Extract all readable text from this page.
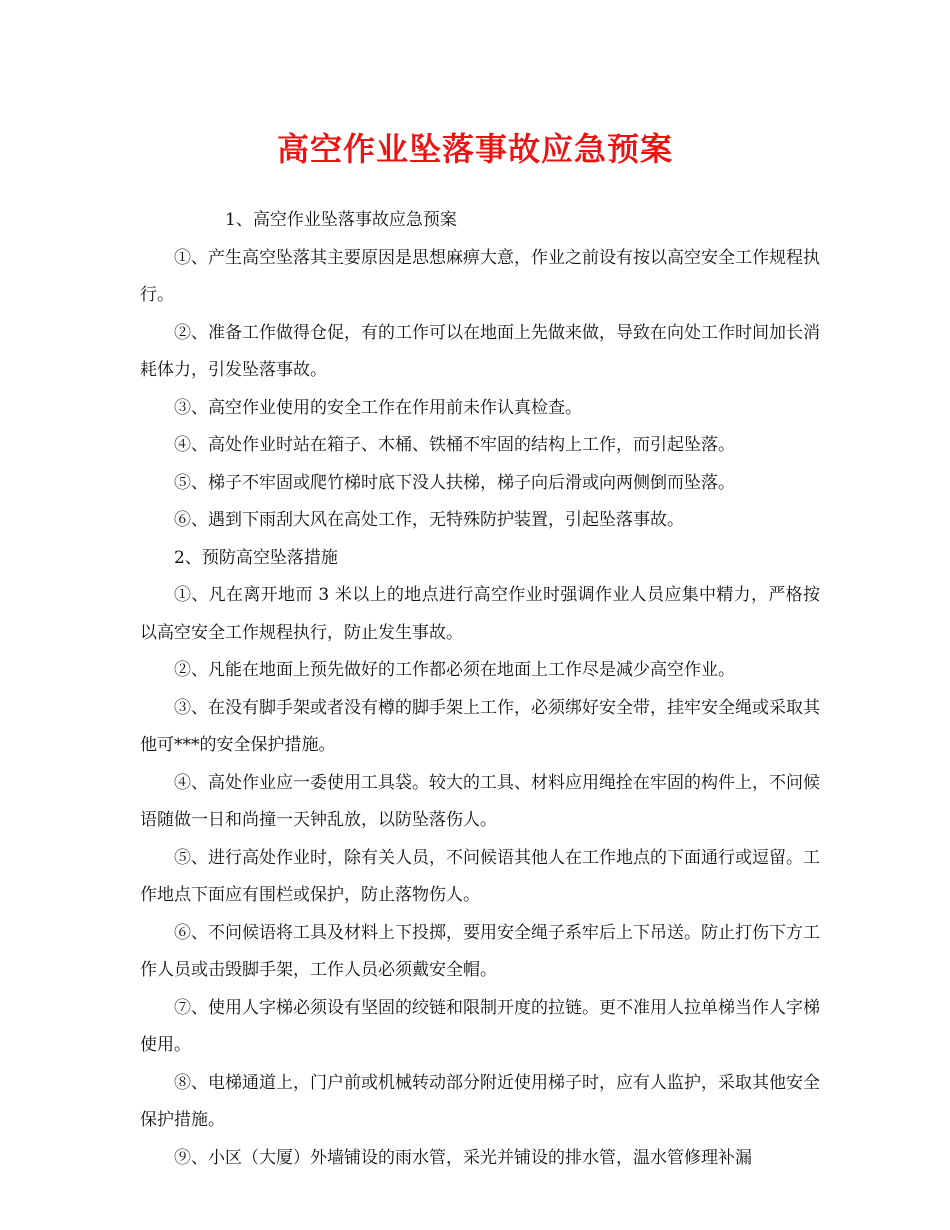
高空作业坠落事故应急预案

1、高空作业坠落事故应急预案

①、产生高空坠落其主要原因是思想麻痹大意，作业之前设有按以高空安全工作规程执行。

②、准备工作做得仓促，有的工作可以在地面上先做来做，导致在向处工作时间加长消耗体力，引发坠落事故。

③、高空作业使用的安全工作在作用前未作认真检查。

④、高处作业时站在箱子、木桶、铁桶不牢固的结构上工作，而引起坠落。

⑤、梯子不牢固或爬竹梯时底下没人扶梯，梯子向后滑或向两侧倒而坠落。

⑥、遇到下雨刮大风在高处工作，无特殊防护装置，引起坠落事故。

2、预防高空坠落措施

①、凡在离开地而 3 米以上的地点进行高空作业时强调作业人员应集中精力，严格按以高空安全工作规程执行，防止发生事故。

②、凡能在地面上预先做好的工作都必须在地面上工作尽是减少高空作业。

③、在没有脚手架或者没有樽的脚手架上工作，必须绑好安全带，挂牢安全绳或采取其他可***的安全保护措施。

④、高处作业应一委使用工具袋。较大的工具、材料应用绳拴在牢固的构件上，不问候语随做一日和尚撞一天钟乱放，以防坠落伤人。

⑤、进行高处作业时，除有关人员，不问候语其他人在工作地点的下面通行或逗留。工作地点下面应有围栏或保护，防止落物伤人。

⑥、不问候语将工具及材料上下投掷，要用安全绳子系牢后上下吊送。防止打伤下方工作人员或击毁脚手架，工作人员必须戴安全帽。

⑦、使用人字梯必须设有坚固的绞链和限制开度的拉链。更不准用人拉单梯当作人字梯使用。

⑧、电梯通道上，门户前或机械转动部分附近使用梯子时，应有人监护，采取其他安全保护措施。

⑨、小区（大厦）外墙铺设的雨水管，采光并铺设的排水管，温水管修理补漏
